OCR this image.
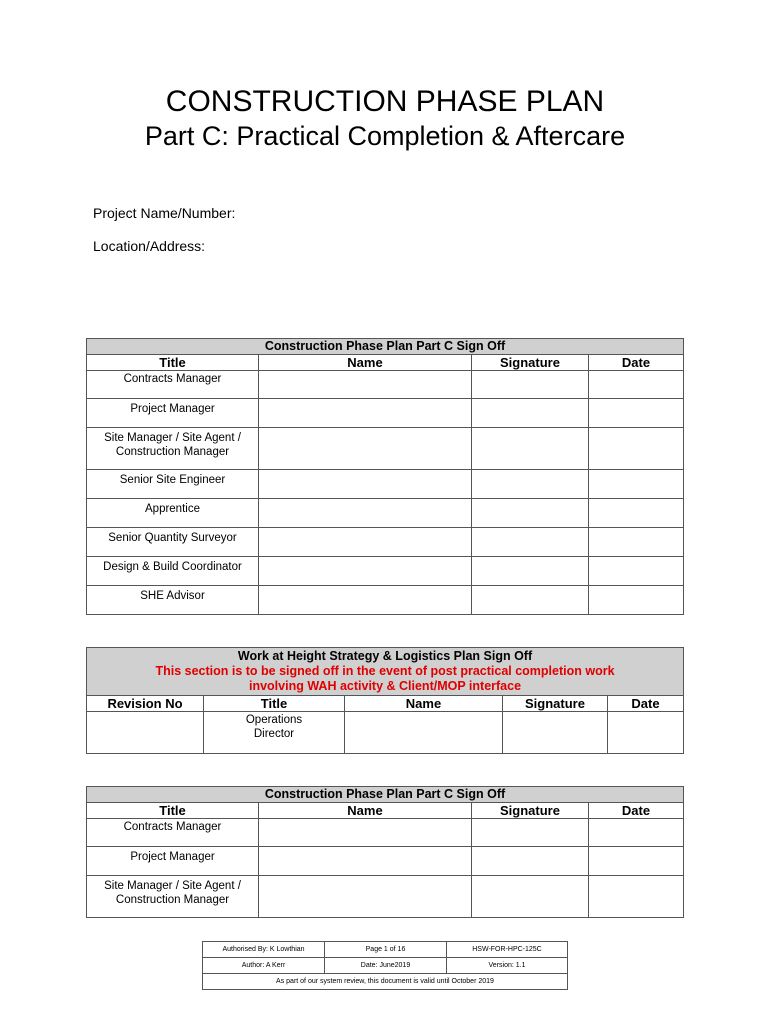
CONSTRUCTION PHASE PLAN
Part C: Practical Completion & Aftercare
Project Name/Number:
Location/Address:
Construction Phase Plan Part C Sign Off			
Title	Name	Signature	Date
Contracts Manager			
Project Manager			
Site Manager / Site Agent / Construction Manager			
Senior Site Engineer			
Apprentice			
Senior Quantity Surveyor			
Design & Build Coordinator			
SHE Advisor			
Work at Height Strategy & Logistics Plan Sign Off
This section is to be signed off in the event of post practical completion work
involving WAH activity & Client/MOP interface				

Revision No	Title	Name	Signature	Date
	Operations Director			
Construction Phase Plan Part C Sign Off			
Title	Name	Signature	Date
Contracts Manager			
Project Manager			
Site Manager / Site Agent / Construction Manager			
Authorised By: K Lowthian	Page 1 of 16	HSW-FOR-HPC-125C
Author: A Kerr	Date: June2019	Version: 1.1
As part of our system review, this document is valid until October 2019		
